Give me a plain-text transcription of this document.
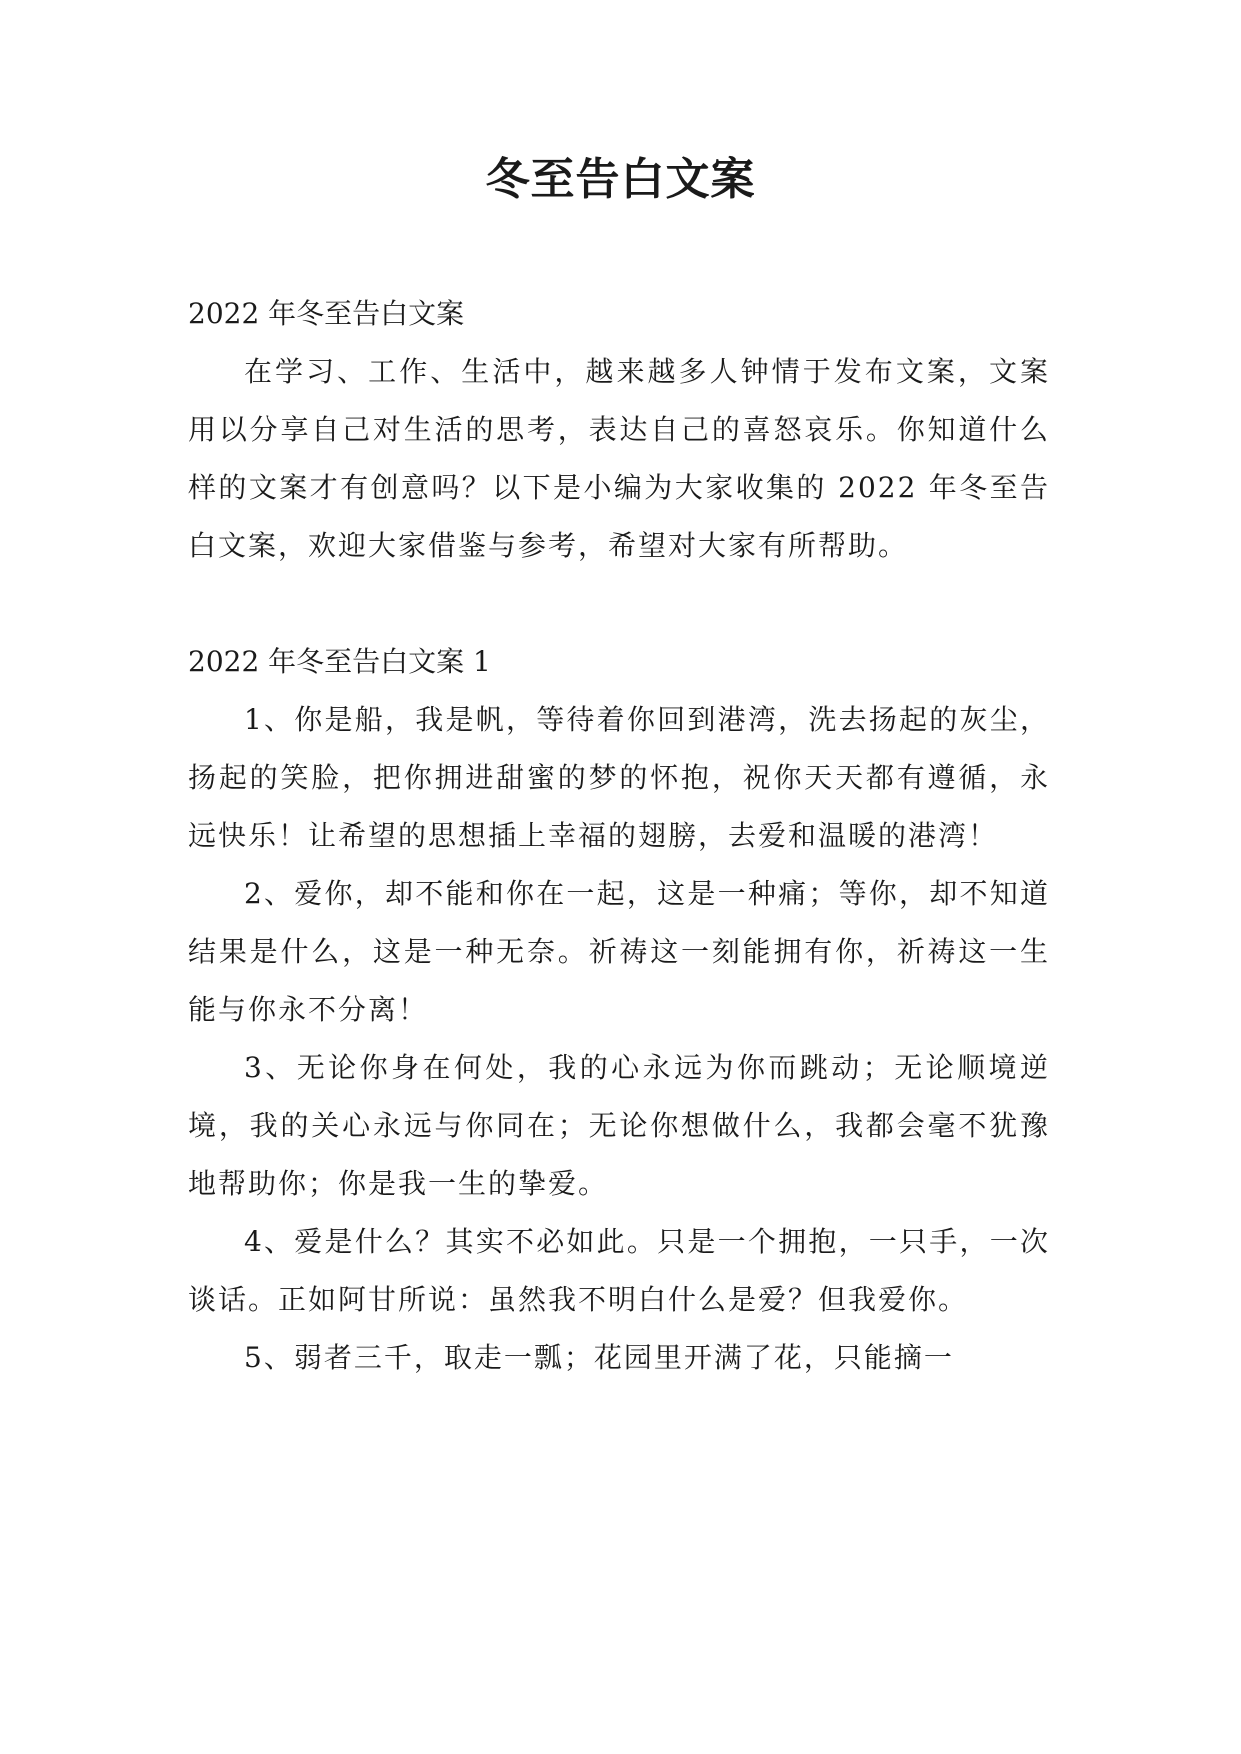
冬至告白文案

2022 年冬至告白文案

在学习、工作、生活中，越来越多人钟情于发布文案，文案用以分享自己对生活的思考，表达自己的喜怒哀乐。你知道什么样的文案才有创意吗？以下是小编为大家收集的 2022 年冬至告白文案，欢迎大家借鉴与参考，希望对大家有所帮助。

2022 年冬至告白文案 1

1、你是船，我是帆，等待着你回到港湾，洗去扬起的灰尘，扬起的笑脸，把你拥进甜蜜的梦的怀抱，祝你天天都有遵循，永远快乐！让希望的思想插上幸福的翅膀，去爱和温暖的港湾！

2、爱你，却不能和你在一起，这是一种痛；等你，却不知道结果是什么，这是一种无奈。祈祷这一刻能拥有你，祈祷这一生能与你永不分离！

3、无论你身在何处，我的心永远为你而跳动；无论顺境逆境，我的关心永远与你同在；无论你想做什么，我都会毫不犹豫地帮助你；你是我一生的挚爱。

4、爱是什么？其实不必如此。只是一个拥抱，一只手，一次谈话。正如阿甘所说：虽然我不明白什么是爱？但我爱你。

5、弱者三千，取走一瓢；花园里开满了花，只能摘一
